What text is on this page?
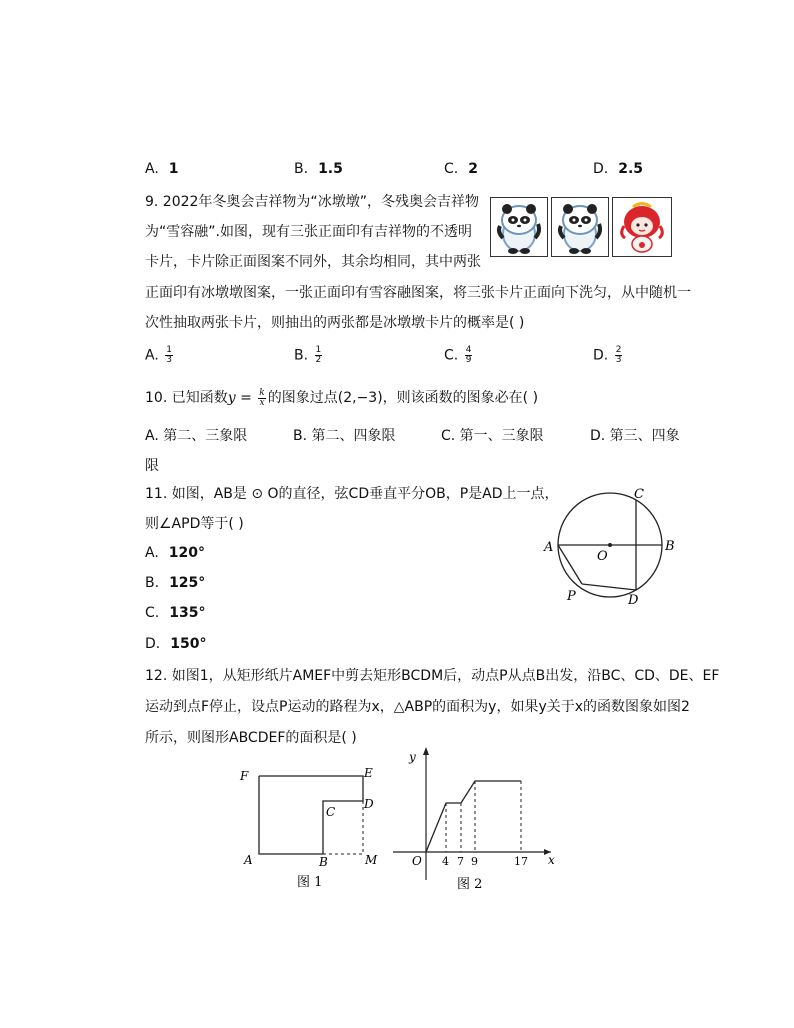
A. 1	B. 1.5	C. 2	D. 2.5
9. 2022年冬奥会吉祥物为“冰墩墩”，冬残奥会吉祥物
为“雪容融”.如图，现有三张正面印有吉祥物的不透明
卡片，卡片除正面图案不同外，其余均相同，其中两张
正面印有冰墩墩图案，一张正面印有雪容融图案，将三张卡片正面向下洗匀，从中随机一
次性抽取两张卡片，则抽出的两张都是冰墩墩卡片的概率是( )
A. $\frac{1}{3}$	B. $\frac{1}{2}$	C. $\frac{4}{9}$	D. $\frac{2}{3}$
10. 已知函数$y = \frac{k}{x}$ 的图象过点(2,−3)，则该函数的图象必在( )
A. 第二、三象限	B. 第二、四象限	C. 第一、三象限	D. 第三、四象
限
11. 如图，AB是 ⊙ O的直径，弦CD垂直平分OB，P是AD上一点，
则∠APD等于( )
A. 120°
B. 125°
C. 135°
D. 150°
A	B
C
D
O
P
12. 如图1，从矩形纸片AMEF中剪去矩形BCDM后，动点P从点B出发，沿BC、CD、DE、EF
运动到点F停止，设点P运动的路程为x，△ABP的面积为y，如果y关于x的函数图象如图2
所示，则图形ABCDEF的面积是( )
F	E
D
C
A	B	M
图 1
y
x
O 4 7 9	17
图 2
